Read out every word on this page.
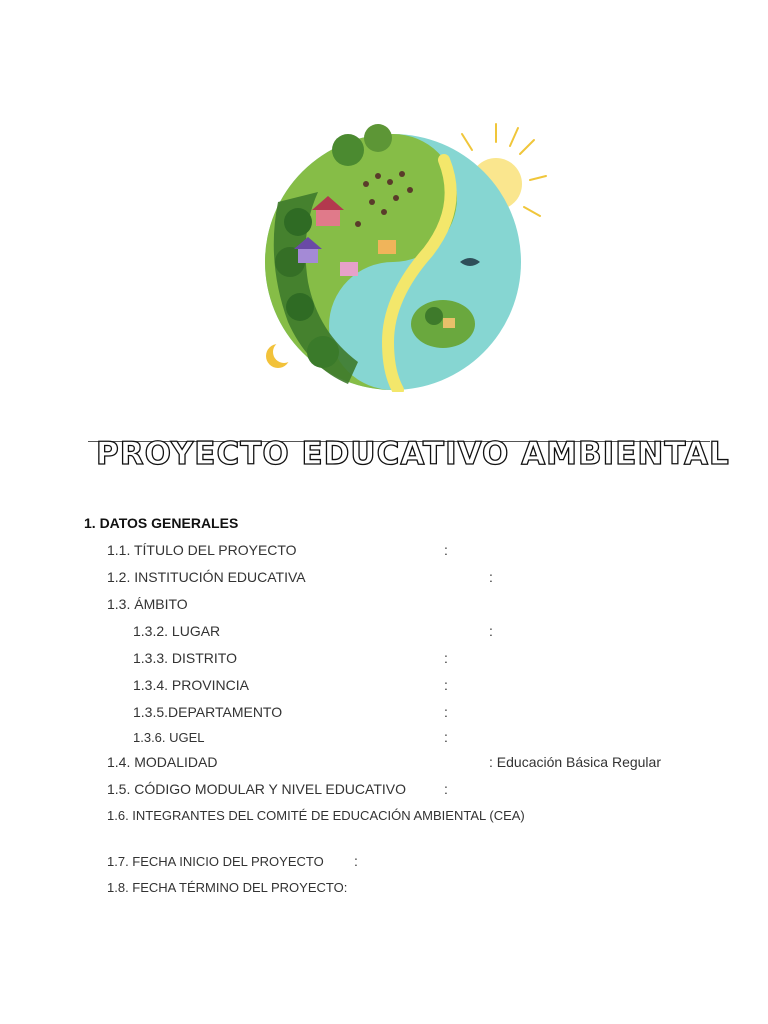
PROYECTO EDUCATIVO AMBIENTAL
1. DATOS GENERALES
1.1. TÍTULO DEL PROYECTO	:
1.2. INSTITUCIÓN EDUCATIVA	:
1.3. ÁMBITO
1.3.2. LUGAR	:
1.3.3. DISTRITO	:
1.3.4. PROVINCIA	:
1.3.5.DEPARTAMENTO	:
1.3.6. UGEL	:
1.4. MODALIDAD	: Educación Básica Regular
1.5. CÓDIGO MODULAR Y NIVEL EDUCATIVO	:
1.6. INTEGRANTES DEL COMITÉ DE EDUCACIÓN AMBIENTAL (CEA)
1.7. FECHA INICIO DEL PROYECTO :
1.8. FECHA TÉRMINO DEL PROYECTO:
